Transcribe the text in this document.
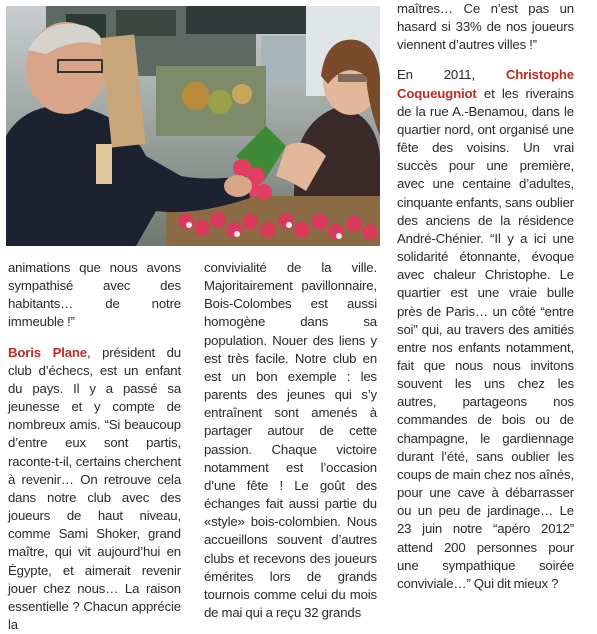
animations que nous avons sympathisé avec des habitants… de notre immeuble !”

Boris Plane, président du club d’échecs, est un enfant du pays. Il y a passé sa jeunesse et y compte de nombreux amis. “Si beaucoup d’entre eux sont partis, raconte-t-il, certains cherchent à revenir… On retrouve cela dans notre club avec des joueurs de haut niveau, comme Sami Shoker, grand maître, qui vit aujourd’hui en Égypte, et aimerait revenir jouer chez nous… La raison essentielle ? Chacun apprécie la

convivialité de la ville. Majoritairement pavillonnaire, Bois-Colombes est aussi homogène dans sa population. Nouer des liens y est très facile. Notre club en est un bon exemple : les parents des jeunes qui s’y entraînent sont amenés à partager autour de cette passion. Chaque victoire notamment est l’occasion d’une fête ! Le goût des échanges fait aussi partie du «style» bois-colombien. Nous accueillons souvent d’autres clubs et recevons des joueurs émérites lors de grands tournois comme celui du mois de mai qui a reçu 32 grands

maîtres… Ce n’est pas un hasard si 33% de nos joueurs viennent d’autres villes !”

En 2011, Christophe Coqueugniot et les riverains de la rue A.-Benamou, dans le quartier nord, ont organisé une fête des voisins. Un vrai succès pour une première, avec une centaine d’adultes, cinquante enfants, sans oublier des anciens de la résidence André-Chénier. “Il y a ici une solidarité étonnante, évoque avec chaleur Christophe. Le quartier est une vraie bulle près de Paris… un côté “entre soi” qui, au travers des amitiés entre nos enfants notamment, fait que nous nous invitons souvent les uns chez les autres, partageons nos commandes de bois ou de champagne, le gardiennage durant l’été, sans oublier les coups de main chez nos aînés, pour une cave à débarrasser ou un peu de jardinage… Le 23 juin notre “apéro 2012” attend 200 personnes pour une sympathique soirée conviviale…” Qui dit mieux ?
